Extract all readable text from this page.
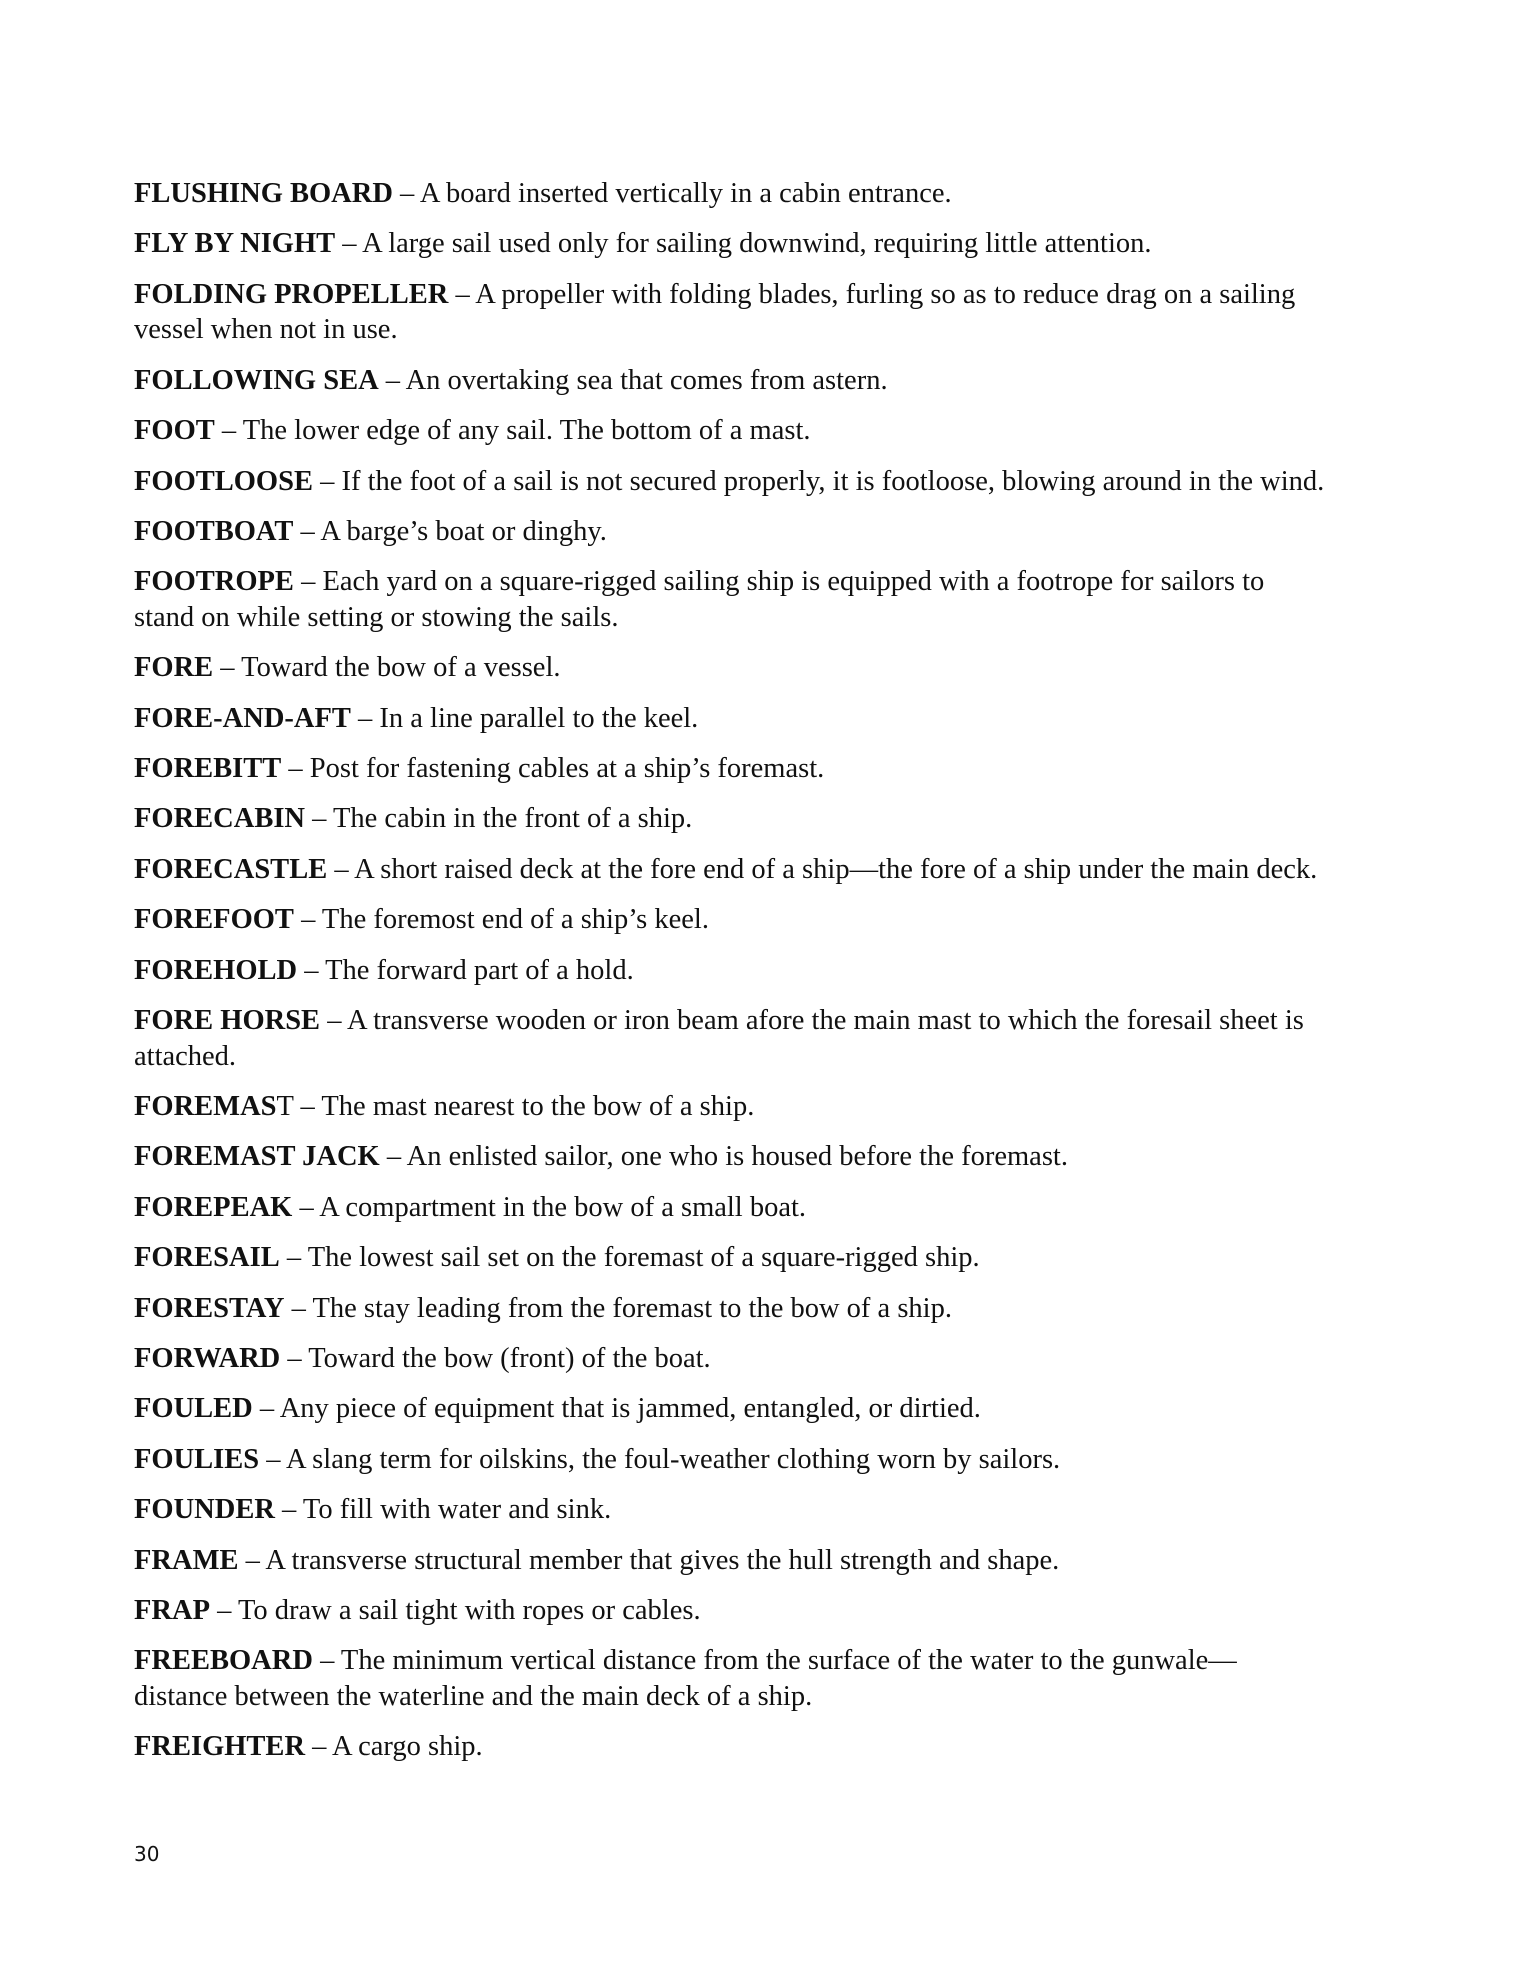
FLUSHING BOARD – A board inserted vertically in a cabin entrance.
FLY BY NIGHT – A large sail used only for sailing downwind, requiring little attention.
FOLDING PROPELLER – A propeller with folding blades, furling so as to reduce drag on a sailing
vessel when not in use.
FOLLOWING SEA – An overtaking sea that comes from astern.
FOOT – The lower edge of any sail. The bottom of a mast.
FOOTLOOSE – If the foot of a sail is not secured properly, it is footloose, blowing around in the wind.
FOOTBOAT – A barge’s boat or dinghy.
FOOTROPE – Each yard on a square-rigged sailing ship is equipped with a footrope for sailors to
stand on while setting or stowing the sails.
FORE – Toward the bow of a vessel.
FORE-AND-AFT – In a line parallel to the keel.
FOREBITT – Post for fastening cables at a ship’s foremast.
FORECABIN – The cabin in the front of a ship.
FORECASTLE – A short raised deck at the fore end of a ship—the fore of a ship under the main deck.
FOREFOOT – The foremost end of a ship’s keel.
FOREHOLD – The forward part of a hold.
FORE HORSE – A transverse wooden or iron beam afore the main mast to which the foresail sheet is
attached.
FOREMAST – The mast nearest to the bow of a ship.
FOREMAST JACK – An enlisted sailor, one who is housed before the foremast.
FOREPEAK – A compartment in the bow of a small boat.
FORESAIL – The lowest sail set on the foremast of a square-rigged ship.
FORESTAY – The stay leading from the foremast to the bow of a ship.
FORWARD – Toward the bow (front) of the boat.
FOULED – Any piece of equipment that is jammed, entangled, or dirtied.
FOULIES – A slang term for oilskins, the foul-weather clothing worn by sailors.
FOUNDER – To fill with water and sink.
FRAME – A transverse structural member that gives the hull strength and shape.
FRAP – To draw a sail tight with ropes or cables.
FREEBOARD – The minimum vertical distance from the surface of the water to the gunwale—
distance between the waterline and the main deck of a ship.
FREIGHTER – A cargo ship.
30
